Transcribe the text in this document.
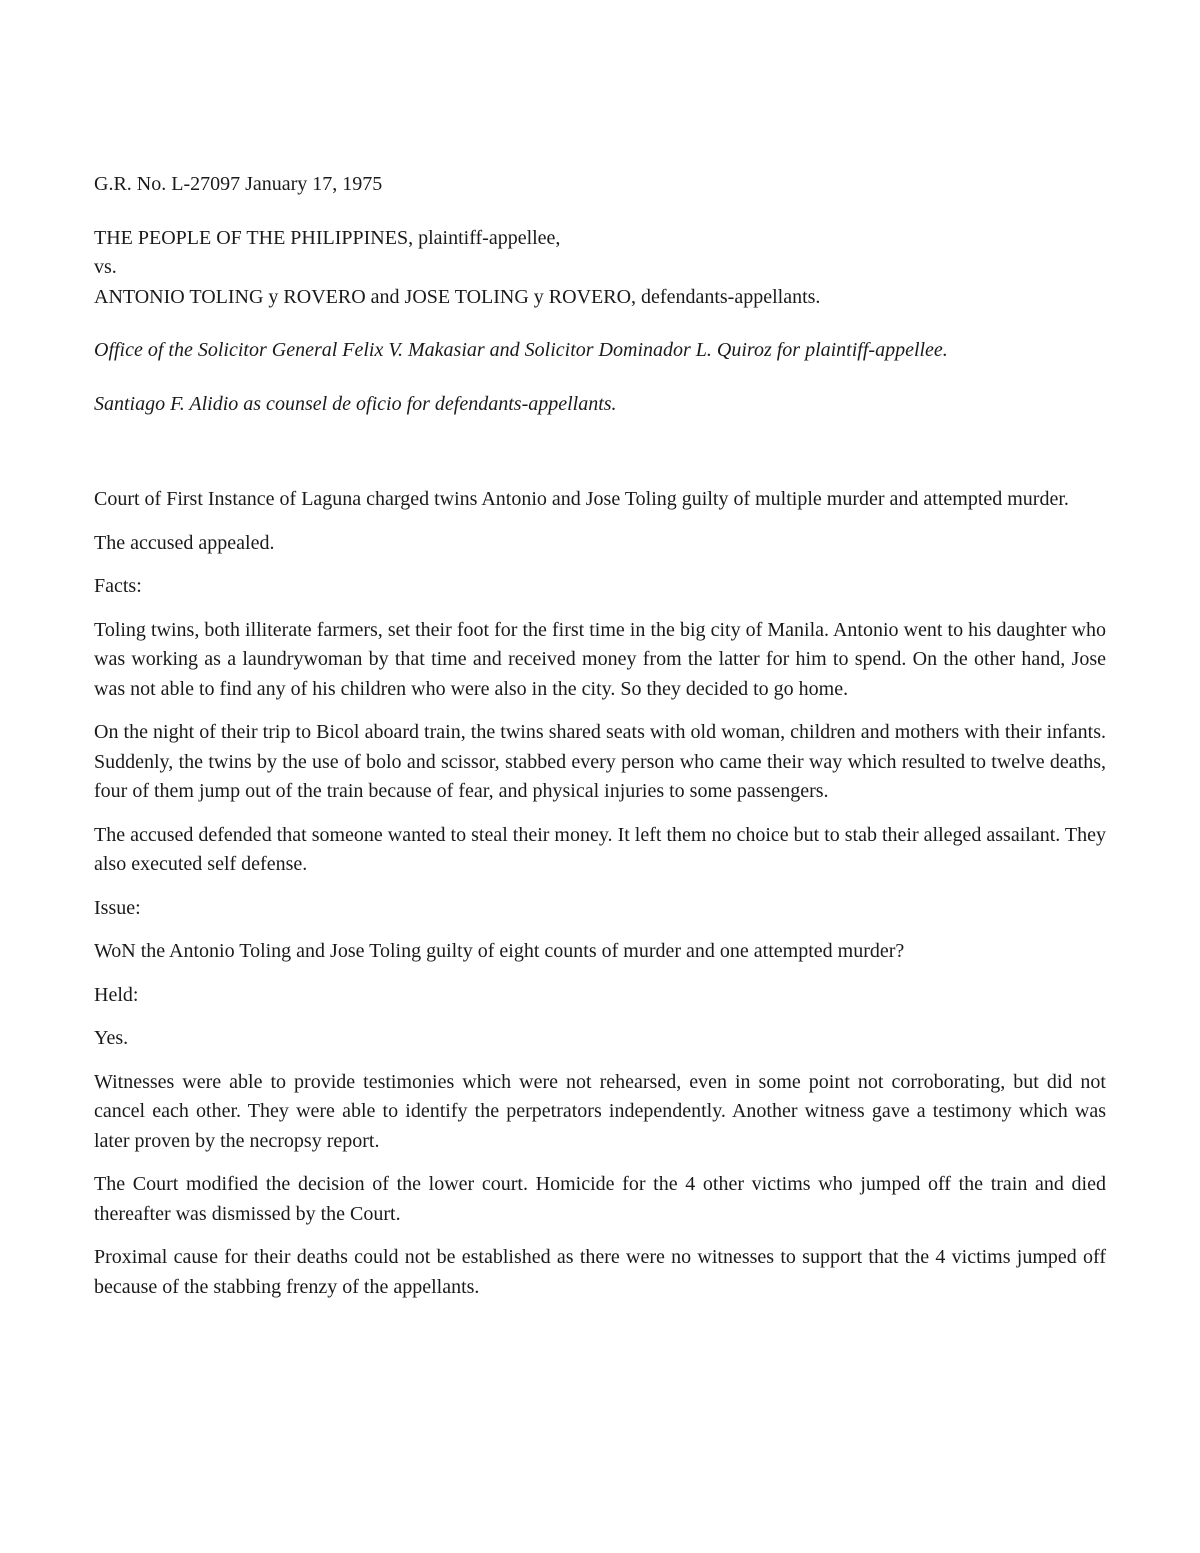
G.R. No. L-27097 January 17, 1975

THE PEOPLE OF THE PHILIPPINES, plaintiff-appellee,

vs.

ANTONIO TOLING y ROVERO and JOSE TOLING y ROVERO, defendants-appellants.

Office of the Solicitor General Felix V. Makasiar and Solicitor Dominador L. Quiroz for plaintiff-appellee.

Santiago F. Alidio as counsel de oficio for defendants-appellants.

Court of First Instance of Laguna charged twins Antonio and Jose Toling guilty of multiple murder and attempted murder.

The accused appealed.

Facts:

Toling twins, both illiterate farmers, set their foot for the first time in the big city of Manila. Antonio went to his daughter who was working as a laundrywoman by that time and received money from the latter for him to spend. On the other hand, Jose was not able to find any of his children who were also in the city. So they decided to go home.

On the night of their trip to Bicol aboard train, the twins shared seats with old woman, children and mothers with their infants. Suddenly, the twins by the use of bolo and scissor, stabbed every person who came their way which resulted to twelve deaths, four of them jump out of the train because of fear, and physical injuries to some passengers.

The accused defended that someone wanted to steal their money. It left them no choice but to stab their alleged assailant. They also executed self defense.

Issue:

WoN the Antonio Toling and Jose Toling guilty of eight counts of murder and one attempted murder?

Held:

Yes.

Witnesses were able to provide testimonies which were not rehearsed, even in some point not corroborating, but did not cancel each other. They were able to identify the perpetrators independently. Another witness gave a testimony which was later proven by the necropsy report.

The Court modified the decision of the lower court. Homicide for the 4 other victims who jumped off the train and died thereafter was dismissed by the Court.

Proximal cause for their deaths could not be established as there were no witnesses to support that the 4 victims jumped off because of the stabbing frenzy of the appellants.
